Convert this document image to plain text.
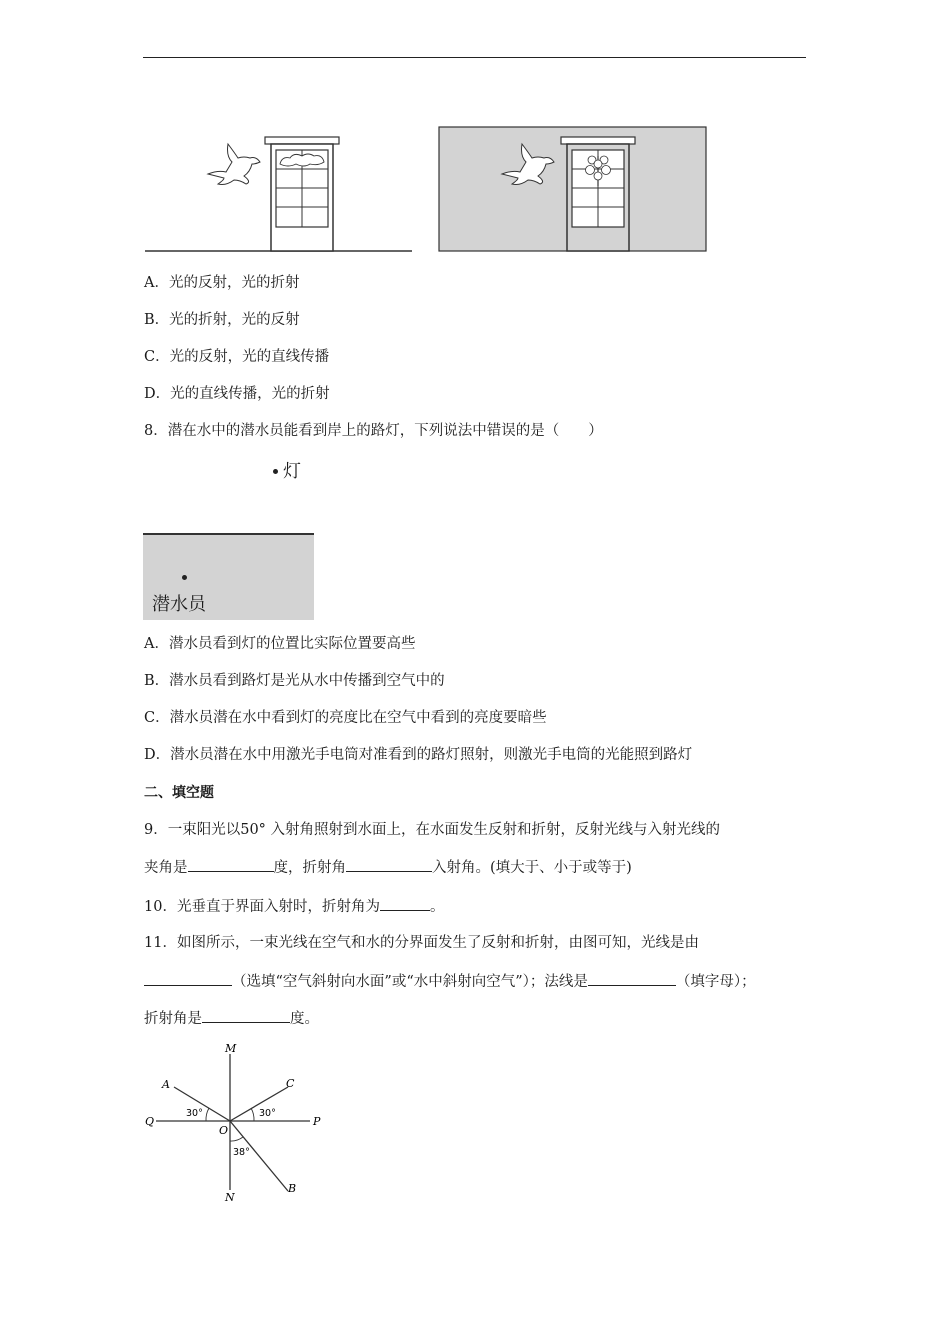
A．光的反射，光的折射
B．光的折射，光的反射
C．光的反射，光的直线传播
D．光的直线传播，光的折射
8．潜在水中的潜水员能看到岸上的路灯，下列说法中错误的是（　　）
灯
潜水员
A．潜水员看到灯的位置比实际位置要高些
B．潜水员看到路灯是光从水中传播到空气中的
C．潜水员潜在水中看到灯的亮度比在空气中看到的亮度要暗些
D．潜水员潜在水中用激光手电筒对准看到的路灯照射，则激光手电筒的光能照到路灯
二、填空题
9．一束阳光以50° 入射角照射到水面上，在水面发生反射和折射，反射光线与入射光线的
夹角是	度，折射角	入射角。(填大于、小于或等于)
10．光垂直于界面入射时，折射角为	。
11．如图所示，一束光线在空气和水的分界面发生了反射和折射，由图可知，光线是由
（选填“空气斜射向水面”或“水中斜射向空气”）；法线是	（填字母）；
折射角是	度。
M
N
A	C
B
Q	P
O
30°	30°
38°
